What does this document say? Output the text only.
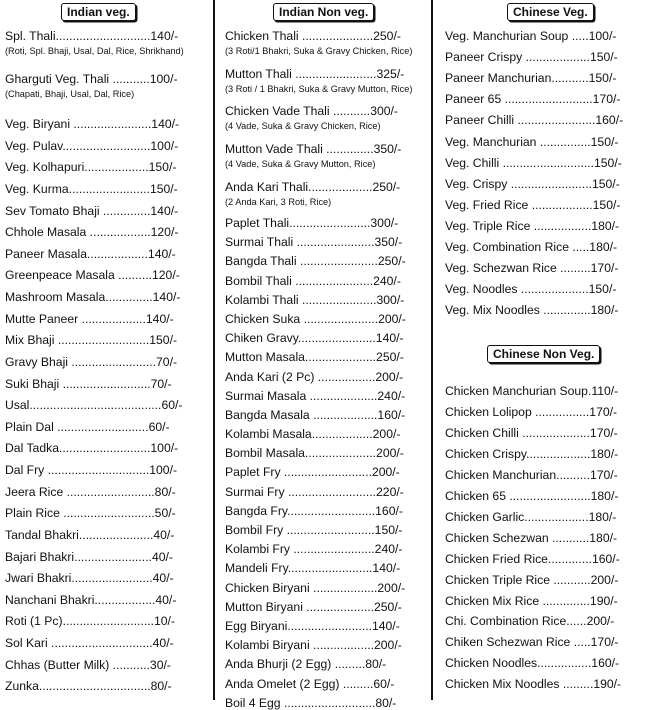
Indian veg.
Spl. Thali............................140/-
(Roti, Spl. Bhaji, Usal, Dal, Rice, Shrikhand)
Gharguti Veg. Thali ...........100/-
(Chapati, Bhaji, Usal, Dal, Rice)
Veg. Biryani .......................140/-
Veg. Pulav..........................100/-
Veg. Kolhapuri...................150/-
Veg. Kurma........................150/-
Sev Tomato Bhaji ..............140/-
Chhole Masala ..................120/-
Paneer Masala..................140/-
Greenpeace Masala ..........120/-
Mashroom Masala..............140/-
Mutte Paneer ...................140/-
Mix Bhaji ...........................150/-
Gravy Bhaji .........................70/-
Suki Bhaji ..........................70/-
Usal.......................................60/-
Plain Dal ...........................60/-
Dal Tadka...........................100/-
Dal Fry ..............................100/-
Jeera Rice ..........................80/-
Plain Rice ...........................50/-
Tandal Bhakri......................40/-
Bajari Bhakri.......................40/-
Jwari Bhakri........................40/-
Nanchani Bhakri..................40/-
Roti (1 Pc)...........................10/-
Sol Kari ..............................40/-
Chhas (Butter Milk) ...........30/-
Zunka.................................80/-
Indian Non veg.
Chicken Thali .....................250/-
(3 Roti/1 Bhakri, Suka & Gravy Chicken, Rice)
Mutton Thali ........................325/-
(3 Roti / 1 Bhakri, Suka & Gravy Mutton, Rice)
Chicken Vade Thali ...........300/-
(4 Vade, Suka & Gravy Chicken, Rice)
Mutton Vade Thali ..............350/-
(4 Vade, Suka & Gravy Mutton, Rice)
Anda Kari Thali...................250/-
(2 Anda Kari, 3 Roti, Rice)
Paplet Thali........................300/-
Surmai Thali .......................350/-
Bangda Thali .......................250/-
Bombil Thali .......................240/-
Kolambi Thali ......................300/-
Chicken Suka ......................200/-
Chiken Gravy.......................140/-
Mutton Masala.....................250/-
Anda Kari (2 Pc) .................200/-
Surmai Masala ....................240/-
Bangda Masala ...................160/-
Kolambi Masala..................200/-
Bombil Masala.....................200/-
Paplet Fry ..........................200/-
Surmai Fry ..........................220/-
Bangda Fry..........................160/-
Bombil Fry ..........................150/-
Kolambi Fry ........................240/-
Mandeli Fry.........................140/-
Chicken Biryani ...................200/-
Mutton Biryani ....................250/-
Egg Biryani.........................140/-
Kolambi Biryani ..................200/-
Anda Bhurji (2 Egg) .........80/-
Anda Omelet (2 Egg) .........60/-
Boil 4 Egg ...........................80/-
Chinese Veg.
Chinese Non Veg.
Veg. Manchurian Soup .....100/-
Paneer Crispy ...................150/-
Paneer Manchurian...........150/-
Paneer 65 ..........................170/-
Paneer Chilli .......................160/-
Veg. Manchurian ...............150/-
Veg. Chilli ...........................150/-
Veg. Crispy ........................150/-
Veg. Fried Rice ..................150/-
Veg. Triple Rice .................180/-
Veg. Combination Rice .....180/-
Veg. Schezwan Rice .........170/-
Veg. Noodles ....................150/-
Veg. Mix Noodles ..............180/-
Chicken Manchurian Soup.110/-
Chicken Lolipop ................170/-
Chicken Chilli ....................170/-
Chicken Crispy...................180/-
Chicken Manchurian..........170/-
Chicken 65 ........................180/-
Chicken Garlic...................180/-
Chicken Schezwan ...........180/-
Chicken Fried Rice.............160/-
Chicken Triple Rice ...........200/-
Chicken Mix Rice ..............190/-
Chi. Combination Rice......200/-
Chiken Schezwan Rice .....170/-
Chicken Noodles................160/-
Chicken Mix Noodles .........190/-
